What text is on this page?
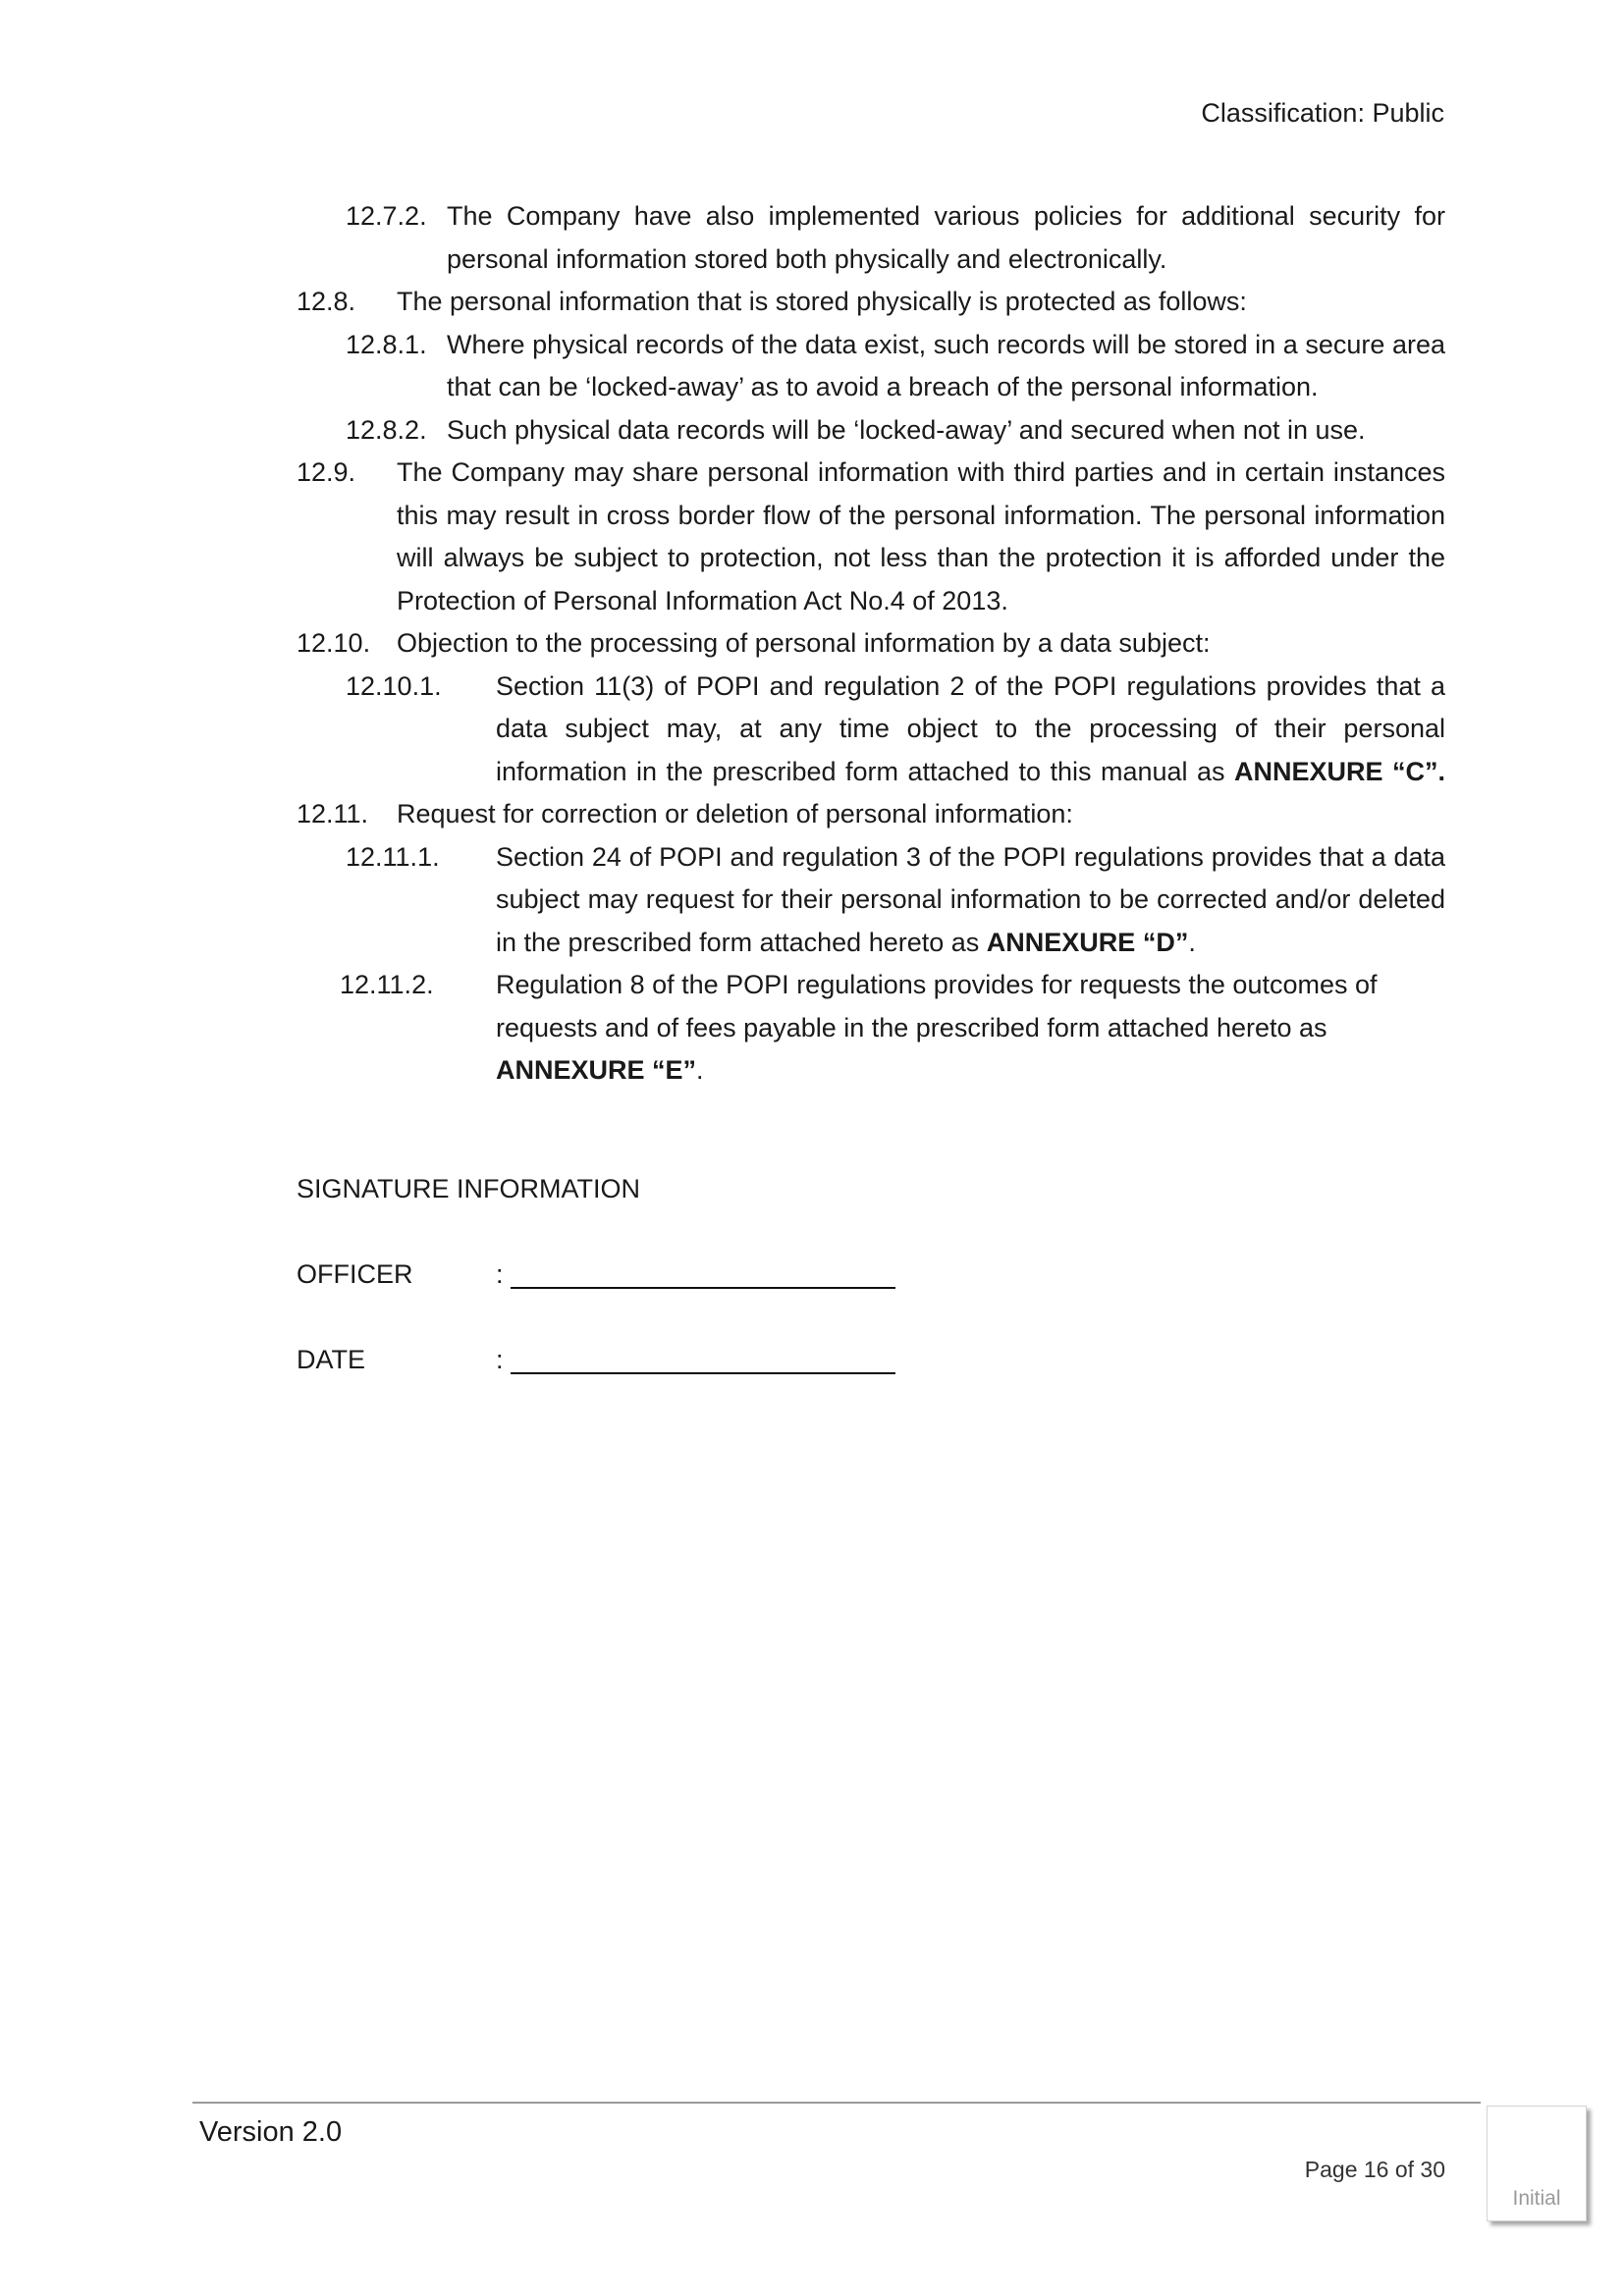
Classification: Public
12.7.2. The Company have also implemented various policies for additional security for personal information stored both physically and electronically.
12.8. The personal information that is stored physically is protected as follows:
12.8.1. Where physical records of the data exist, such records will be stored in a secure area that can be ‘locked-away’ as to avoid a breach of the personal information.
12.8.2. Such physical data records will be ‘locked-away’ and secured when not in use.
12.9. The Company may share personal information with third parties and in certain instances this may result in cross border flow of the personal information. The personal information will always be subject to protection, not less than the protection it is afforded under the Protection of Personal Information Act No.4 of 2013.
12.10. Objection to the processing of personal information by a data subject:
12.10.1. Section 11(3) of POPI and regulation 2 of the POPI regulations provides that a data subject may, at any time object to the processing of their personal information in the prescribed form attached to this manual as ANNEXURE “C”.
12.11. Request for correction or deletion of personal information:
12.11.1. Section 24 of POPI and regulation 3 of the POPI regulations provides that a data subject may request for their personal information to be corrected and/or deleted in the prescribed form attached hereto as ANNEXURE “D”.
12.11.2. Regulation 8 of the POPI regulations provides for requests the outcomes of requests and of fees payable in the prescribed form attached hereto as ANNEXURE “E”.
SIGNATURE INFORMATION
OFFICER	:
DATE	:
Version 2.0
Page 16 of 30
Initial
